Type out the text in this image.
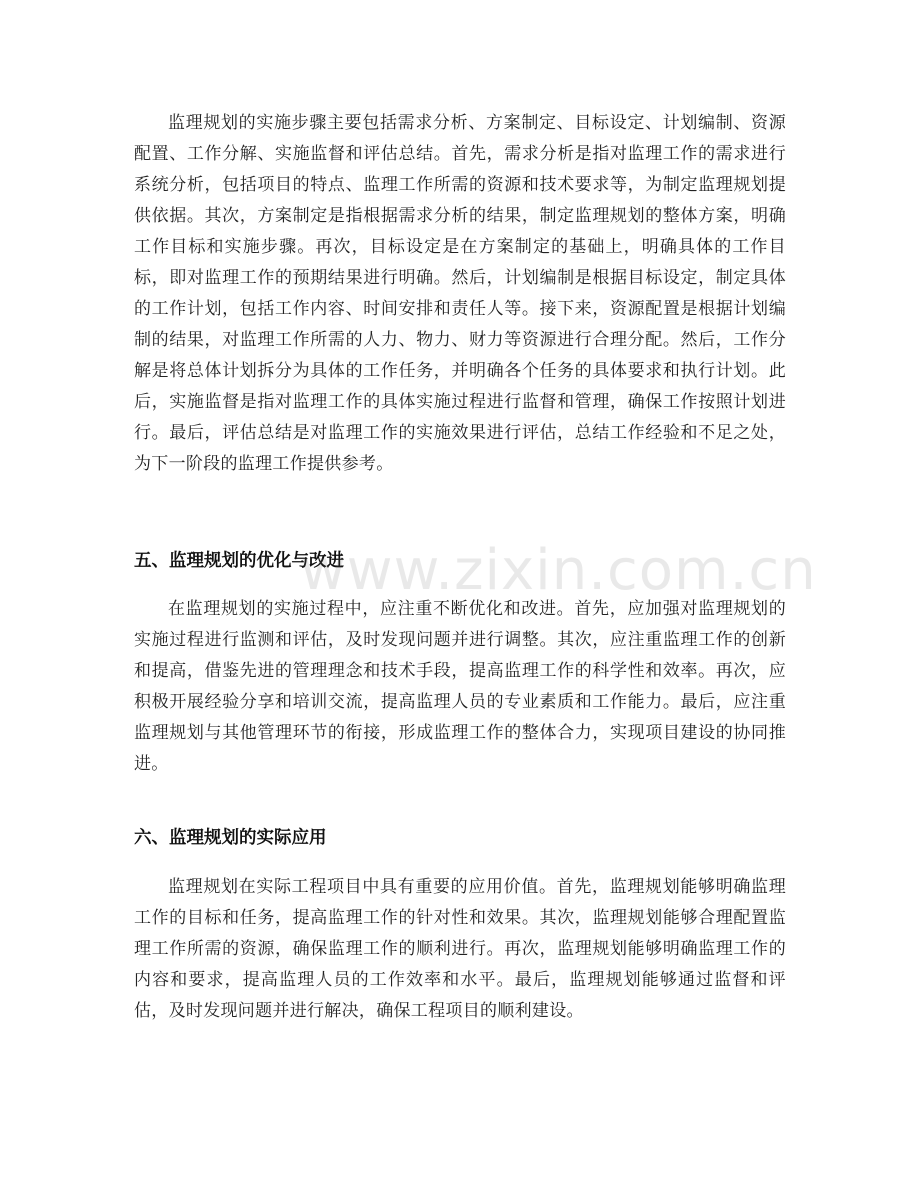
监理规划的实施步骤主要包括需求分析、方案制定、目标设定、计划编制、资源配置、工作分解、实施监督和评估总结。首先，需求分析是指对监理工作的需求进行系统分析，包括项目的特点、监理工作所需的资源和技术要求等，为制定监理规划提供依据。其次，方案制定是指根据需求分析的结果，制定监理规划的整体方案，明确工作目标和实施步骤。再次，目标设定是在方案制定的基础上，明确具体的工作目标，即对监理工作的预期结果进行明确。然后，计划编制是根据目标设定，制定具体的工作计划，包括工作内容、时间安排和责任人等。接下来，资源配置是根据计划编制的结果，对监理工作所需的人力、物力、财力等资源进行合理分配。然后，工作分解是将总体计划拆分为具体的工作任务，并明确各个任务的具体要求和执行计划。此后，实施监督是指对监理工作的具体实施过程进行监督和管理，确保工作按照计划进行。最后，评估总结是对监理工作的实施效果进行评估，总结工作经验和不足之处，为下一阶段的监理工作提供参考。

五、监理规划的优化与改进

在监理规划的实施过程中，应注重不断优化和改进。首先，应加强对监理规划的实施过程进行监测和评估，及时发现问题并进行调整。其次，应注重监理工作的创新和提高，借鉴先进的管理理念和技术手段，提高监理工作的科学性和效率。再次，应积极开展经验分享和培训交流，提高监理人员的专业素质和工作能力。最后，应注重监理规划与其他管理环节的衔接，形成监理工作的整体合力，实现项目建设的协同推进。

六、监理规划的实际应用

监理规划在实际工程项目中具有重要的应用价值。首先，监理规划能够明确监理工作的目标和任务，提高监理工作的针对性和效果。其次，监理规划能够合理配置监理工作所需的资源，确保监理工作的顺利进行。再次，监理规划能够明确监理工作的内容和要求，提高监理人员的工作效率和水平。最后，监理规划能够通过监督和评估，及时发现问题并进行解决，确保工程项目的顺利建设。

www.zixin.com.cn
